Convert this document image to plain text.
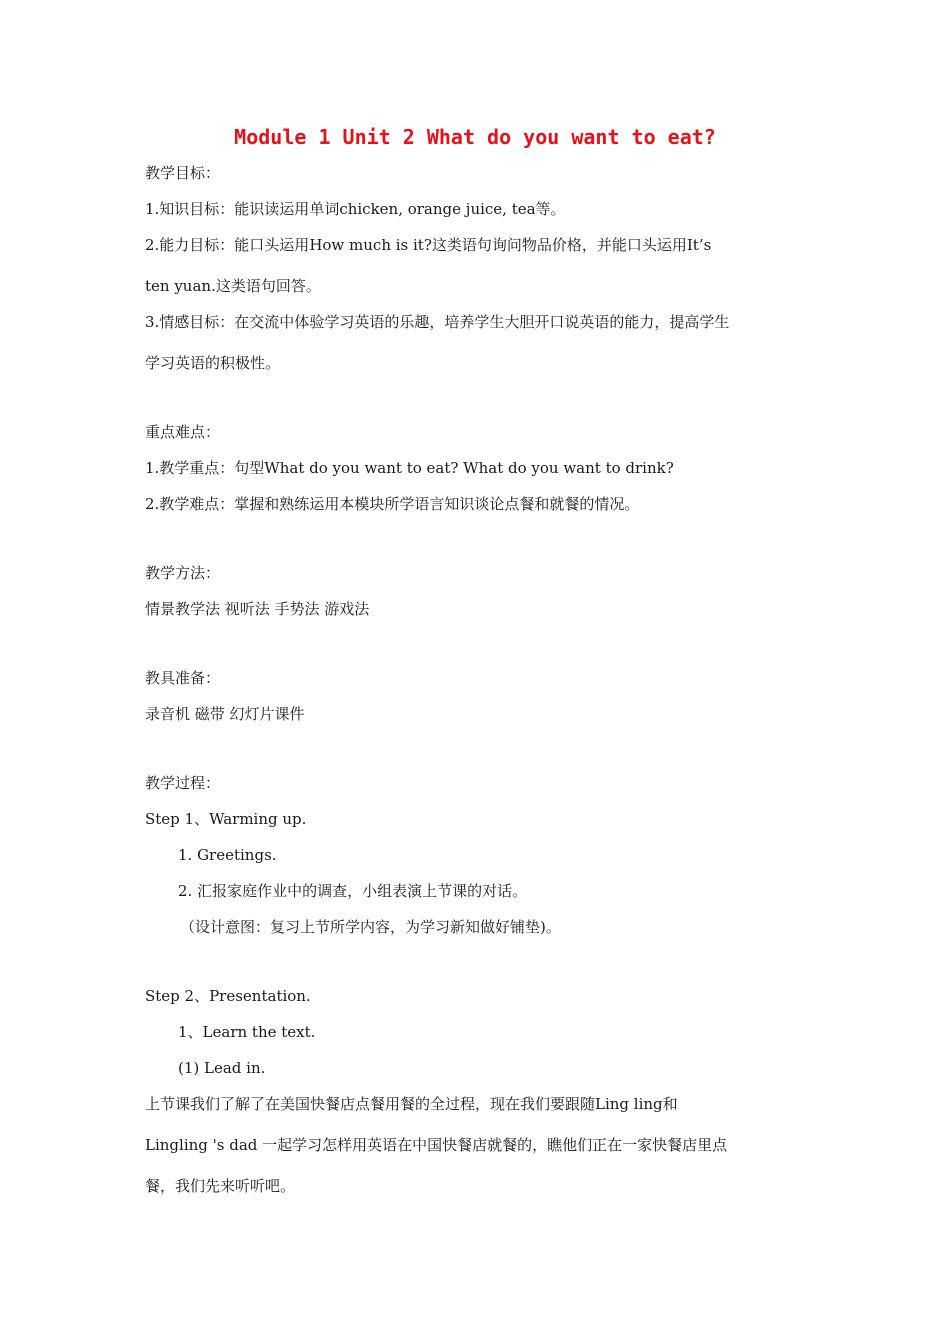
Module 1 Unit 2 What do you want to eat?
教学目标：
1.知识目标：能识读运用单词chicken, orange juice, tea等。
2.能力目标：能口头运用How much is it?这类语句询问物品价格，并能口头运用It’s
ten yuan.这类语句回答。
3.情感目标：在交流中体验学习英语的乐趣，培养学生大胆开口说英语的能力，提高学生
学习英语的积极性。
重点难点：
1.教学重点：句型What do you want to eat? What do you want to drink?
2.教学难点：掌握和熟练运用本模块所学语言知识谈论点餐和就餐的情况。
教学方法：
情景教学法 视听法 手势法 游戏法
教具准备：
录音机 磁带 幻灯片课件
教学过程：
Step 1、Warming up.
1. Greetings.
2. 汇报家庭作业中的调查，小组表演上节课的对话。
（设计意图：复习上节所学内容，为学习新知做好铺垫)。
Step 2、Presentation.
1、Learn the text.
(1) Lead in.
上节课我们了解了在美国快餐店点餐用餐的全过程，现在我们要跟随Ling ling和
Lingling 's dad 一起学习怎样用英语在中国快餐店就餐的，瞧他们正在一家快餐店里点
餐，我们先来听听吧。
